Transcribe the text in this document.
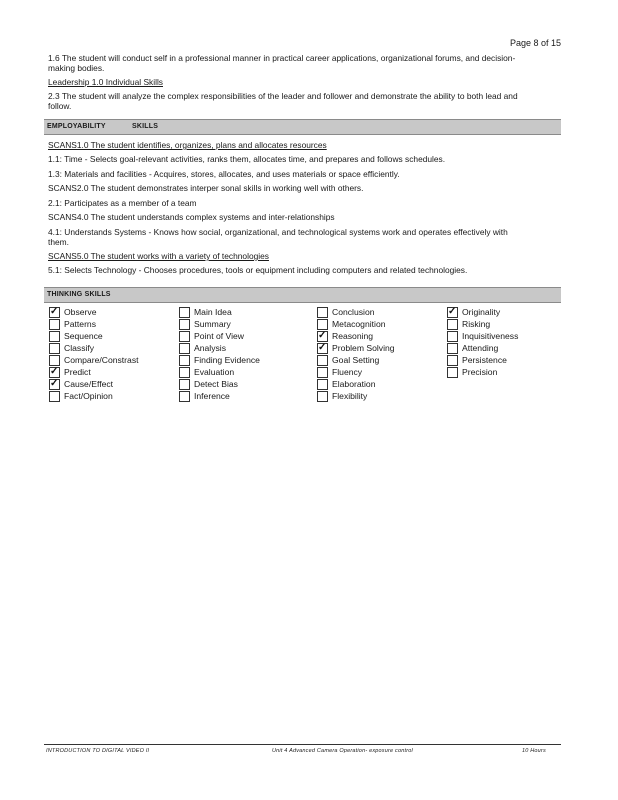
Page 8 of 15
1.6 The student will conduct self in a professional manner in practical career applications, organizational forums, and decision-
making bodies.
Leadership 1.0 Individual Skills
2.3 The student will analyze the complex responsibilities of the leader and follower and demonstrate the ability to both lead and
follow.
EMPLOYABILITY	SKILLS
SCANS1.0 The student identifies, organizes, plans and allocates resources
1.1: Time - Selects goal-relevant activities, ranks them, allocates time, and prepares and follows schedules.
1.3: Materials and facilities - Acquires, stores, allocates, and uses materials or space efficiently.
SCANS2.0 The student demonstrates interper sonal skills in working well with others.
2.1: Participates as a member of a team
SCANS4.0 The student understands complex systems and inter-relationships
4.1: Understands Systems - Knows how social, organizational, and technological systems work and operates effectively with
them.
SCANS5.0 The student works with a variety of technologies
5.1: Selects Technology - Chooses procedures, tools or equipment including computers and related technologies.
THINKING SKILLS
✓ Observe
Patterns
Sequence
Classify
Compare/Constrast
✓ Predict
✓ Cause/Effect
Fact/Opinion
Main Idea
Summary
Point of View
Analysis
Finding Evidence
Evaluation
Detect Bias
Inference
Conclusion
Metacognition
✓ Reasoning
✓ Problem Solving
Goal Setting
Fluency
Elaboration
Flexibility
✓ Originality
Risking
Inquisitiveness
Attending
Persistence
Precision
INTRODUCTION TO DIGITAL VIDEO II	Unit 4 Advanced Camera Operation- exposure control	10 Hours
